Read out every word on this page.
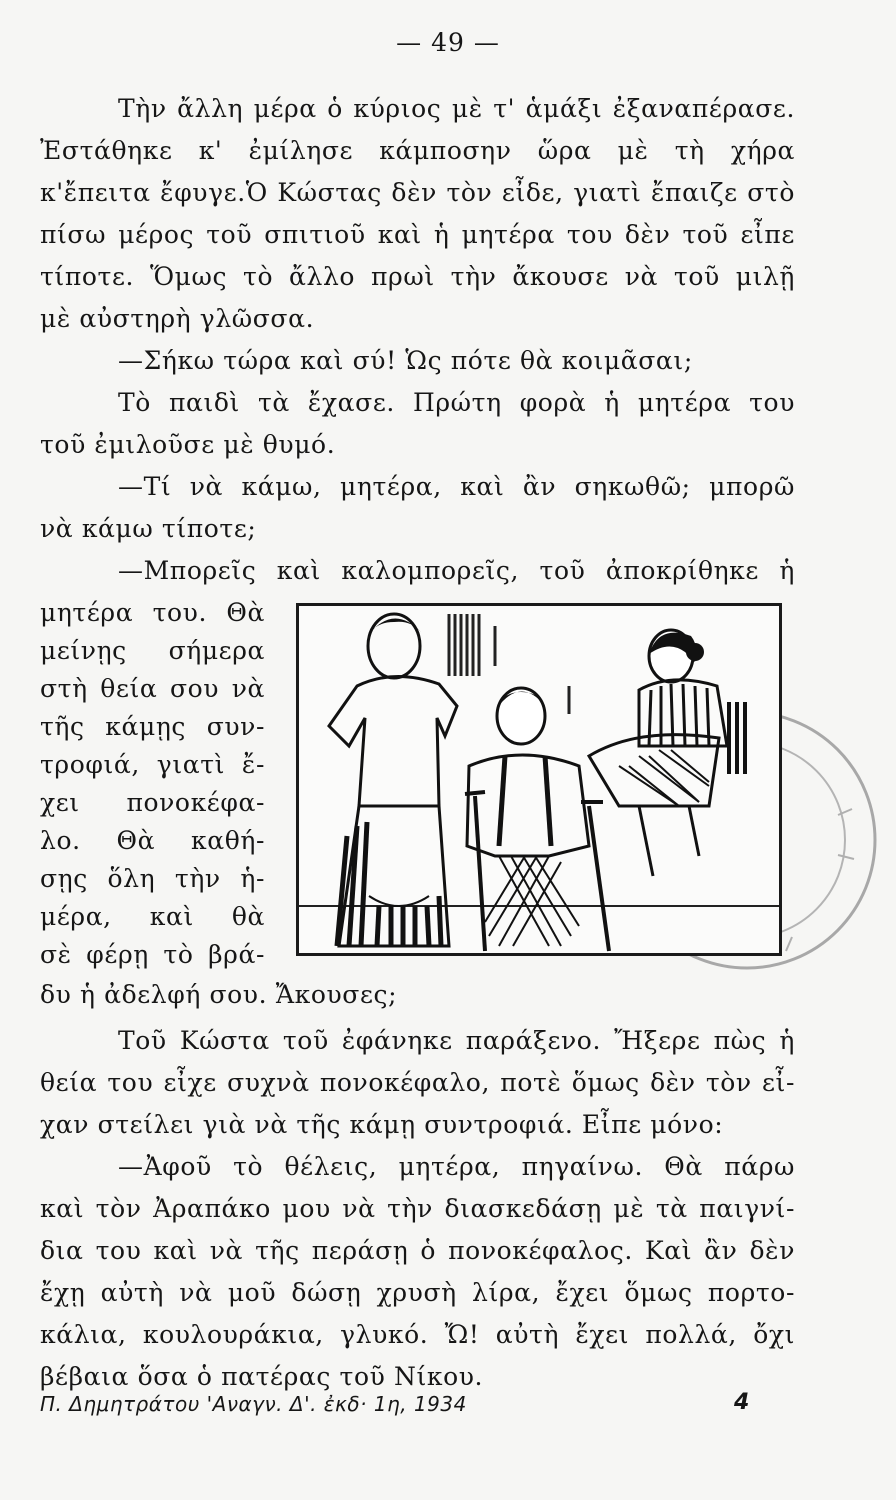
— 49 —
Τὴν ἄλλη μέρα ὁ κύριος μὲ τ' ἁμάξι ἐξαναπέρασε.
Ἐστάθηκε κ' ἐμίλησε κάμποσην ὥρα μὲ τὴ χήρα
κ'ἔπειτα ἔφυγε.Ὁ Κώστας δὲν τὸν εἶδε, γιατὶ ἔπαιζε στὸ
πίσω μέρος τοῦ σπιτιοῦ καὶ ἡ μητέρα του δὲν τοῦ εἶπε
τίποτε. Ὅμως τὸ ἄλλο πρωὶ τὴν ἄκουσε νὰ τοῦ μιλῇ
μὲ αὐστηρὴ γλῶσσα.
—Σήκω τώρα καὶ σύ! Ὡς πότε θὰ κοιμᾶσαι;
Τὸ παιδὶ τὰ ἔχασε. Πρώτη φορὰ ἡ μητέρα του
τοῦ ἐμιλοῦσε μὲ θυμό.
—Τί νὰ κάμω, μητέρα, καὶ ἂν σηκωθῶ; μπορῶ
νὰ κάμω τίποτε;
—Μπορεῖς καὶ καλομπορεῖς, τοῦ ἀποκρίθηκε ἡ
μητέρα του. Θὰ
μείνῃς σήμερα
στὴ θεία σου νὰ
τῆς κάμῃς συν-
τροφιά, γιατὶ ἔ-
χει πονοκέφα-
λο. Θὰ καθή-
σῃς ὅλη τὴν ἡ-
μέρα, καὶ θὰ
σὲ φέρῃ τὸ βρά-
δυ ἡ ἀδελφή σου. Ἄκουσες;
Τοῦ Κώστα τοῦ ἐφάνηκε παράξενο. Ἤξερε πὼς ἡ
θεία του εἶχε συχνὰ πονοκέφαλο, ποτὲ ὅμως δὲν τὸν εἶ-
χαν στείλει γιὰ νὰ τῆς κάμῃ συντροφιά. Εἶπε μόνο:
—Ἀφοῦ τὸ θέλεις, μητέρα, πηγαίνω. Θὰ πάρω
καὶ τὸν Ἀραπάκο μου νὰ τὴν διασκεδάσῃ μὲ τὰ παιγνί-
δια του καὶ νὰ τῆς περάσῃ ὁ πονοκέφαλος. Καὶ ἂν δὲν
ἔχῃ αὐτὴ νὰ μοῦ δώσῃ χρυσὴ λίρα, ἔχει ὅμως πορτο-
κάλια, κουλουράκια, γλυκό. Ὤ! αὐτὴ ἔχει πολλά, ὄχι
βέβαια ὅσα ὁ πατέρας τοῦ Νίκου.
Π. Δημητράτου 'Αναγν. Δ'. ἐκδ· 1η, 1934	4
